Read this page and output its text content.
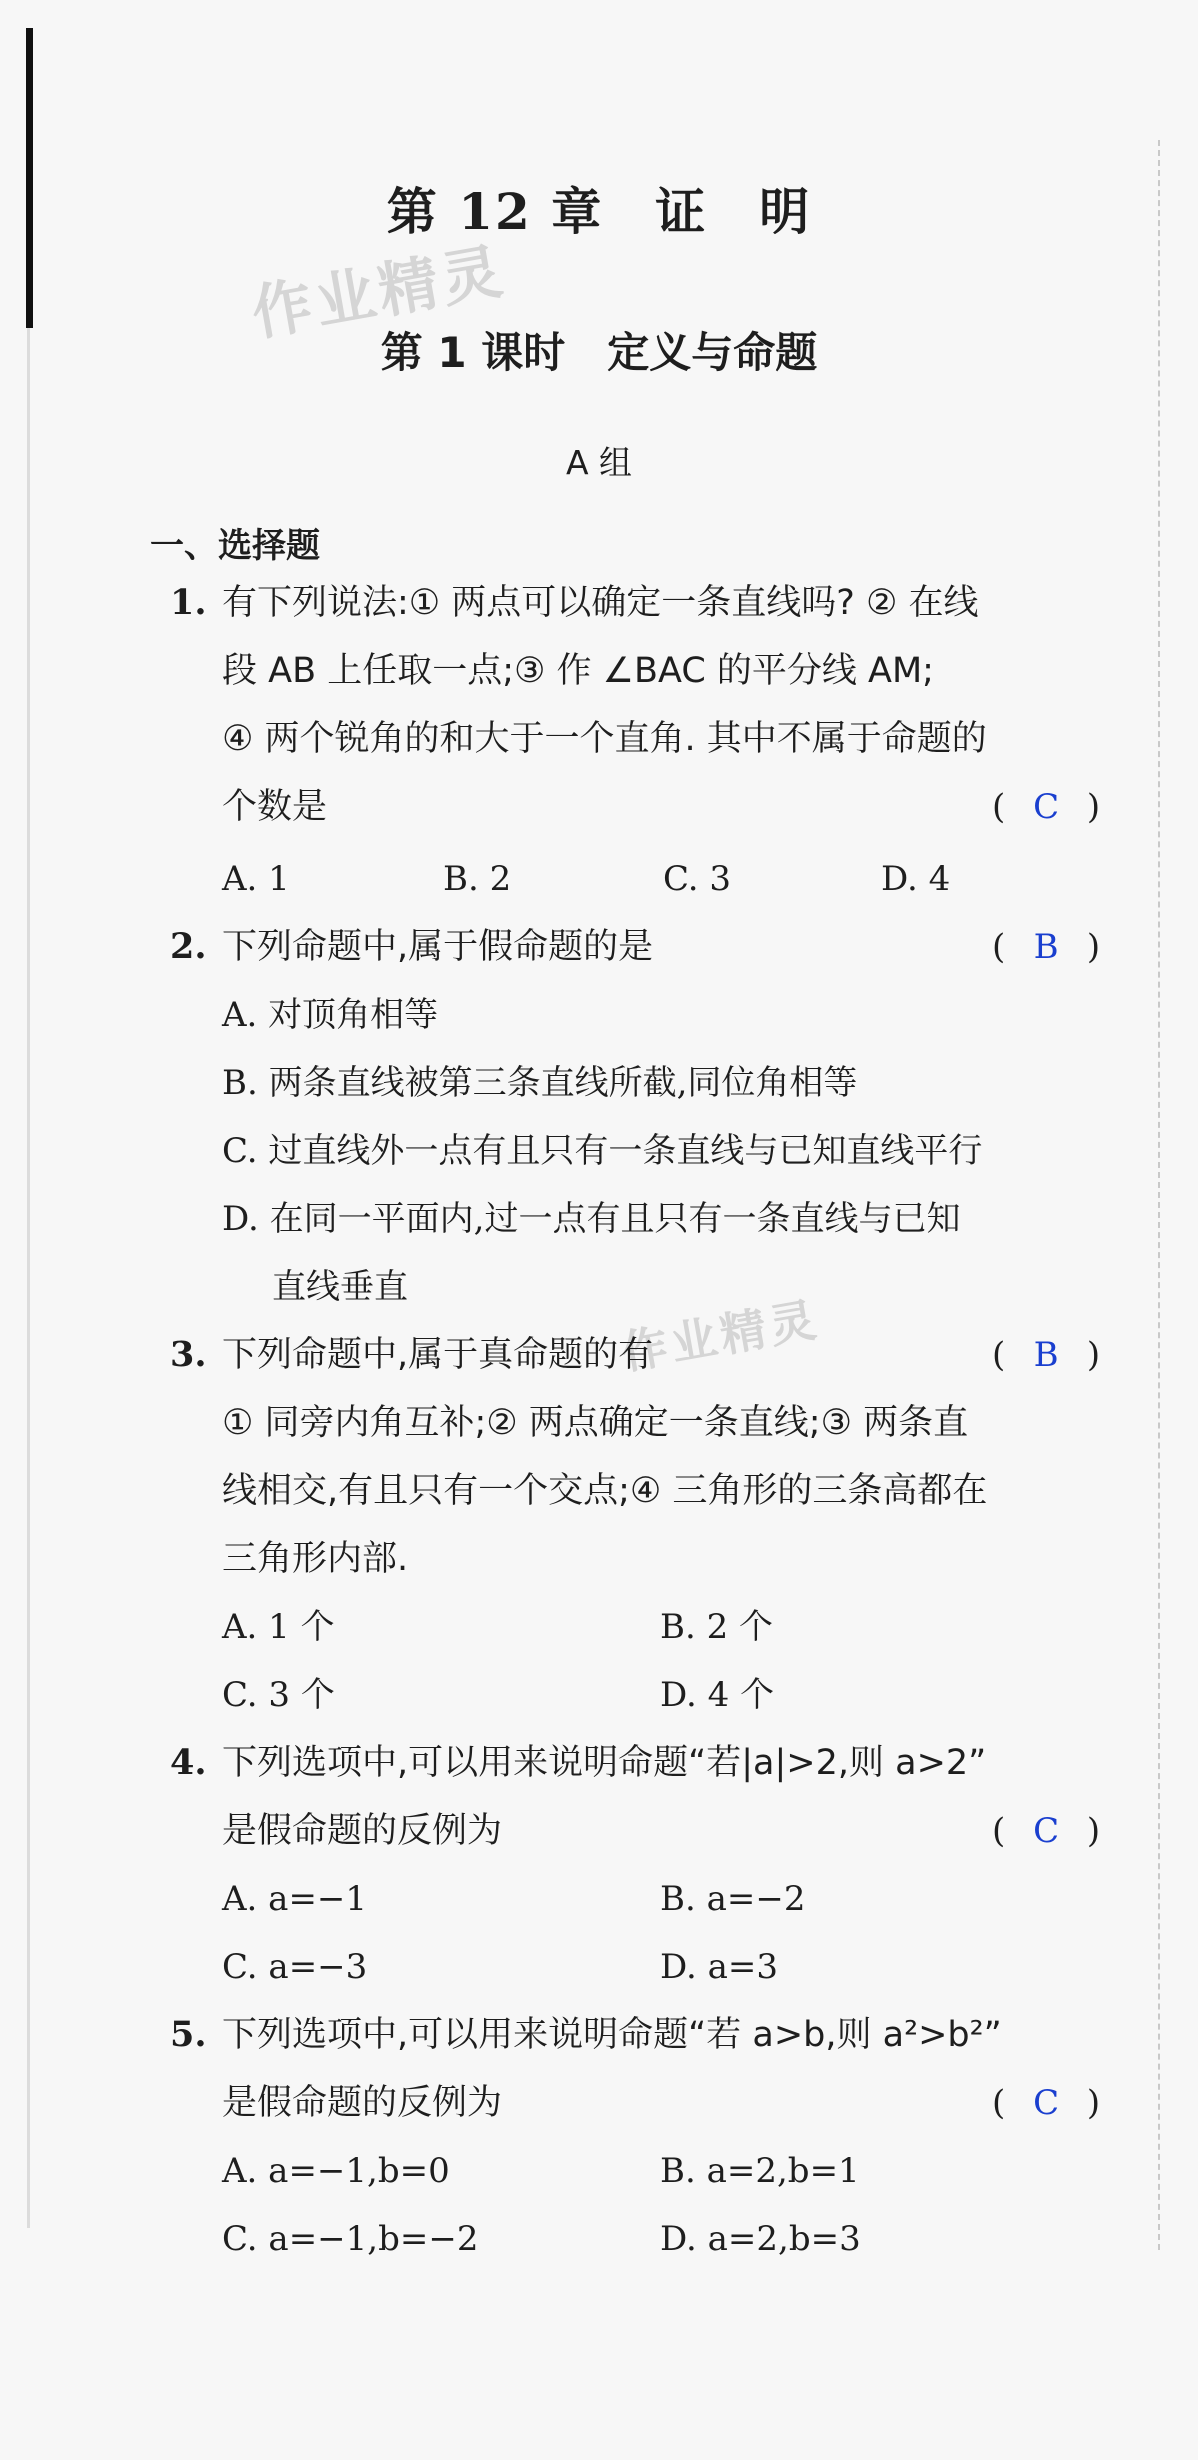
作业精灵
作业精灵
第 12 章　证　明
第 1 课时　定义与命题
A 组
一、选择题
1. 有下列说法:① 两点可以确定一条直线吗? ② 在线
段 AB 上任取一点;③ 作 ∠BAC 的平分线 AM;
④ 两个锐角的和大于一个直角. 其中不属于命题的
个数是	( C )
A. 1	B. 2	C. 3	D. 4
2. 下列命题中,属于假命题的是	( B )
A. 对顶角相等
B. 两条直线被第三条直线所截,同位角相等
C. 过直线外一点有且只有一条直线与已知直线平行
D. 在同一平面内,过一点有且只有一条直线与已知
直线垂直
3. 下列命题中,属于真命题的有	( B )
① 同旁内角互补;② 两点确定一条直线;③ 两条直
线相交,有且只有一个交点;④ 三角形的三条高都在
三角形内部.
A. 1 个	B. 2 个
C. 3 个	D. 4 个
4. 下列选项中,可以用来说明命题“若|a|>2,则 a>2”
是假命题的反例为	( C )
A. a=−1	B. a=−2
C. a=−3	D. a=3
5. 下列选项中,可以用来说明命题“若 a>b,则 a²>b²”
是假命题的反例为	( C )
A. a=−1,b=0	B. a=2,b=1
C. a=−1,b=−2	D. a=2,b=3
